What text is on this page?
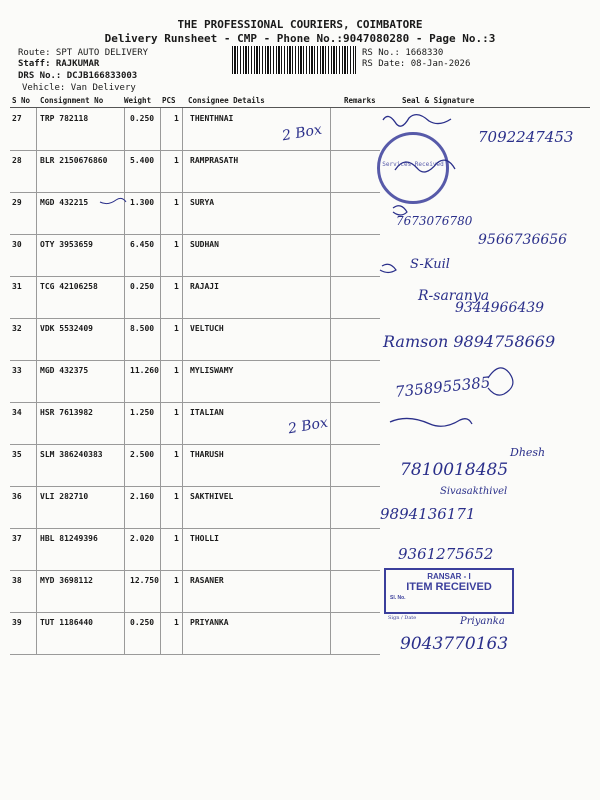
THE PROFESSIONAL COURIERS, COIMBATORE
Delivery Runsheet - CMP - Phone No.:9047080280 - Page No.:3
Route: SPT AUTO DELIVERY
Staff: RAJKUMAR
DRS No.: DCJB166833003
Vehicle: Van Delivery
RS No.: 1668330
RS Date: 08-Jan-2026
S No Consignment No	Weight PCS Consignee Details	Remarks	Seal & Signature
27 TRP 782118	0.250 1 THENTHNAI
28 BLR 2150676860	5.400 1 RAMPRASATH
29 MGD 432215	1.300 1 SURYA
30 OTY 3953659	6.450 1 SUDHAN
31 TCG 42106258	0.250 1 RAJAJI
32 VDK 5532409	8.500 1 VELTUCH
33 MGD 432375	11.260 1 MYLISWAMY
34 HSR 7613982	1.250 1 ITALIAN
35 SLM 386240383	2.500 1 THARUSH
36 VLI 282710	2.160 1 SAKTHIVEL
37 HBL 81249396	2.020 1 THOLLI
38 MYD 3698112	12.750 1 RASANER
39 TUT 1186440	0.250 1 PRIYANKA
Services Received
RANSAR - I
ITEM RECEIVED
Sl. No.
Sign / Date
2 Box
2 Box
7092247453
7673076780
9566736656
S-Kuil
R-saranya
9344966439
Ramson 9894758669
7358955385
Dhesh
7810018485
Sivasakthivel
9894136171
9361275652
Priyanka
9043770163
